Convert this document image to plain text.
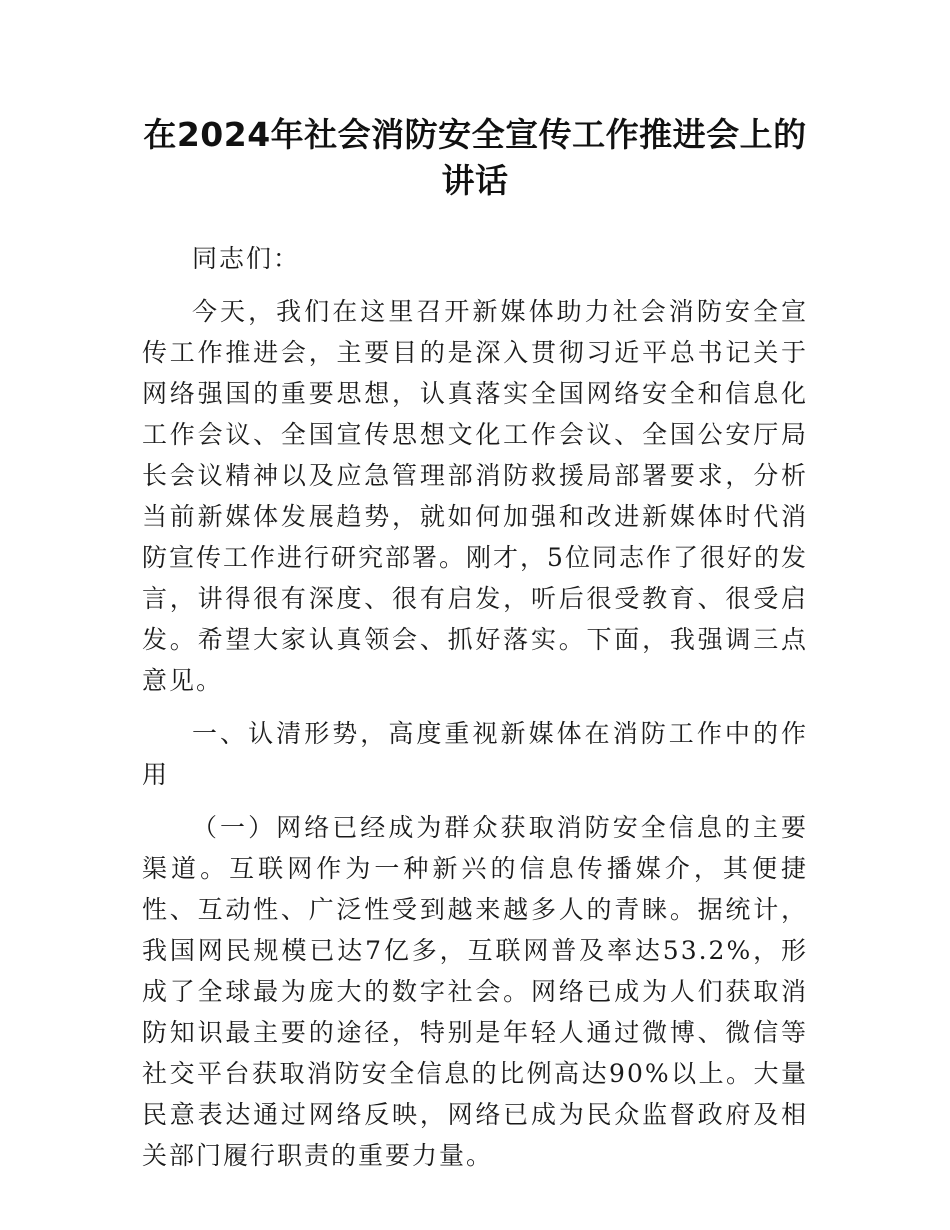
在2024年社会消防安全宣传工作推进会上的讲话

同志们：

今天，我们在这里召开新媒体助力社会消防安全宣传工作推进会，主要目的是深入贯彻习近平总书记关于网络强国的重要思想，认真落实全国网络安全和信息化工作会议、全国宣传思想文化工作会议、全国公安厅局长会议精神以及应急管理部消防救援局部署要求，分析当前新媒体发展趋势，就如何加强和改进新媒体时代消防宣传工作进行研究部署。刚才，5位同志作了很好的发言，讲得很有深度、很有启发，听后很受教育、很受启发。希望大家认真领会、抓好落实。下面，我强调三点意见。

一、认清形势，高度重视新媒体在消防工作中的作用

（一）网络已经成为群众获取消防安全信息的主要渠道。互联网作为一种新兴的信息传播媒介，其便捷性、互动性、广泛性受到越来越多人的青睐。据统计，我国网民规模已达7亿多，互联网普及率达53.2%，形成了全球最为庞大的数字社会。网络已成为人们获取消防知识最主要的途径，特别是年轻人通过微博、微信等社交平台获取消防安全信息的比例高达90%以上。大量民意表达通过网络反映，网络已成为民众监督政府及相关部门履行职责的重要力量。
